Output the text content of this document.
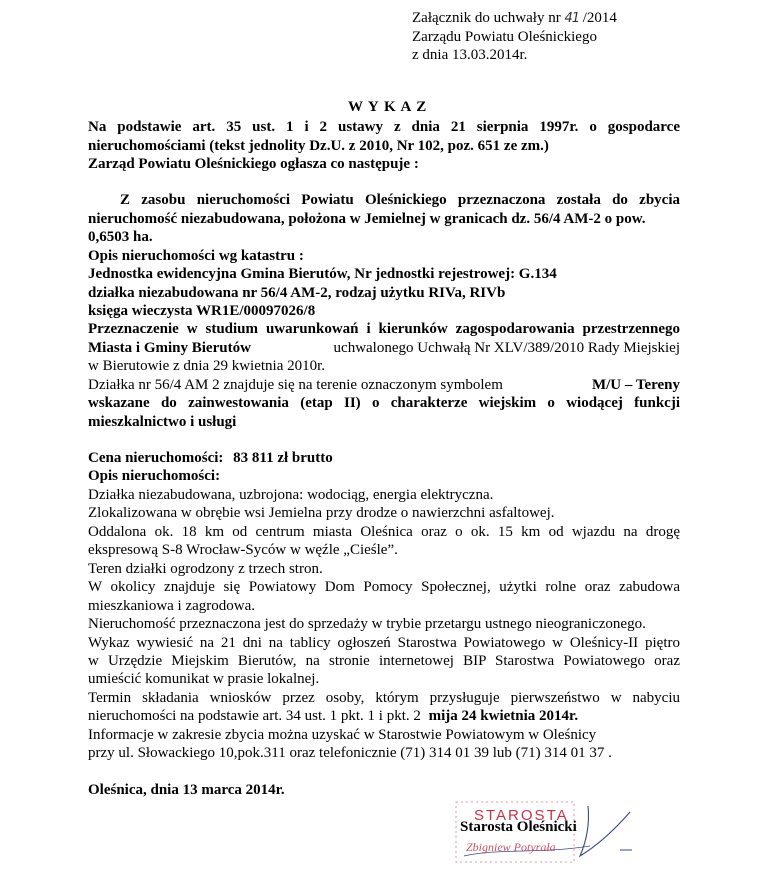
Załącznik do uchwały nr 41 /2014
Zarządu Powiatu Oleśnickiego
z dnia 13.03.2014r.
W Y K A Z
Na podstawie art. 35 ust. 1 i 2 ustawy z dnia 21 sierpnia 1997r. o gospodarce
nieruchomościami (tekst jednolity Dz.U. z 2010, Nr 102, poz. 651 ze zm.)
Zarząd Powiatu Oleśnickiego ogłasza co następuje :
Z zasobu nieruchomości Powiatu Oleśnickiego przeznaczona została do zbycia
nieruchomość niezabudowana, położona w Jemielnej w granicach dz. 56/4 AM-2 o pow.
0,6503 ha.
Opis nieruchomości wg katastru :
Jednostka ewidencyjna Gmina Bierutów, Nr jednostki rejestrowej: G.134
działka niezabudowana nr 56/4 AM-2, rodzaj użytku RIVa, RIVb
księga wieczysta WR1E/00097026/8
Przeznaczenie w studium uwarunkowań i kierunków zagospodarowania przestrzennego
Miasta i Gminy Bierutów	uchwalonego Uchwałą Nr XLV/389/2010 Rady Miejskiej
w Bierutowie z dnia 29 kwietnia 2010r.
Działka nr 56/4 AM 2 znajduje się na terenie oznaczonym symbolem	M/U – Tereny
wskazane do zainwestowania (etap II) o charakterze wiejskim o wiodącej funkcji
mieszkalnictwo i usługi
Cena nieruchomości: 83 811 zł brutto
Opis nieruchomości:
Działka niezabudowana, uzbrojona: wodociąg, energia elektryczna.
Zlokalizowana w obrębie wsi Jemielna przy drodze o nawierzchni asfaltowej.
Oddalona ok. 18 km od centrum miasta Oleśnica oraz o ok. 15 km od wjazdu na drogę
ekspresową S-8 Wrocław-Syców w węźle „Cieśle”.
Teren działki ogrodzony z trzech stron.
W okolicy znajduje się Powiatowy Dom Pomocy Społecznej, użytki rolne oraz zabudowa
mieszkaniowa i zagrodowa.
Nieruchomość przeznaczona jest do sprzedaży w trybie przetargu ustnego nieograniczonego.
Wykaz wywiesić na 21 dni na tablicy ogłoszeń Starostwa Powiatowego w Oleśnicy-II piętro
w Urzędzie Miejskim Bierutów, na stronie internetowej BIP Starostwa Powiatowego oraz
umieścić komunikat w prasie lokalnej.
Termin składania wniosków przez osoby, którym przysługuje pierwszeństwo w nabyciu
nieruchomości na podstawie art. 34 ust. 1 pkt. 1 i pkt. 2 mija 24 kwietnia 2014r.
Informacje w zakresie zbycia można uzyskać w Starostwie Powiatowym w Oleśnicy
przy ul. Słowackiego 10,pok.311 oraz telefonicznie (71) 314 01 39 lub (71) 314 01 37 .
Oleśnica, dnia 13 marca 2014r.
STAROSTA
Starosta Oleśnicki
Zbigniew Potyrała
